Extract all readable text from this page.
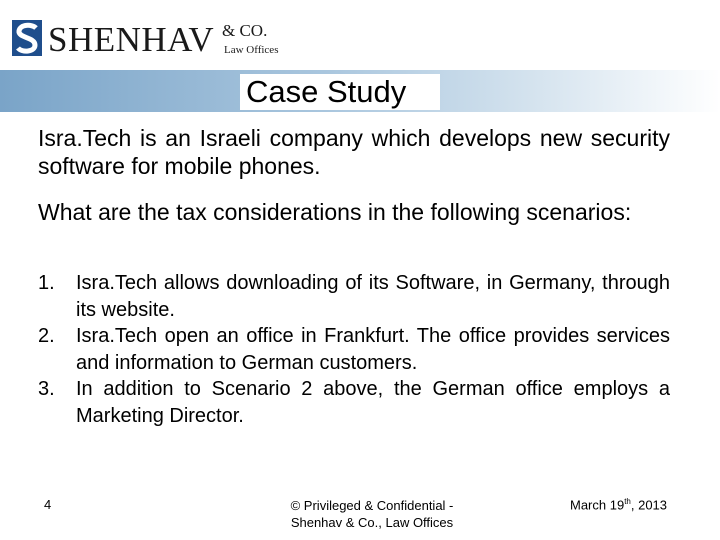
SHENHAV & CO.
Law Offices
Case Study
Isra.Tech is an Israeli company which develops new security software for mobile phones.
What are the tax considerations in the following scenarios:
1. Isra.Tech allows downloading of its Software, in Germany, through its website.
2. Isra.Tech open an office in Frankfurt. The office provides services and information to German customers.
3. In addition to Scenario 2 above, the German office employs a Marketing Director.
4	© Privileged & Confidential -
Shenhav & Co., Law Offices
March 19th, 2013
